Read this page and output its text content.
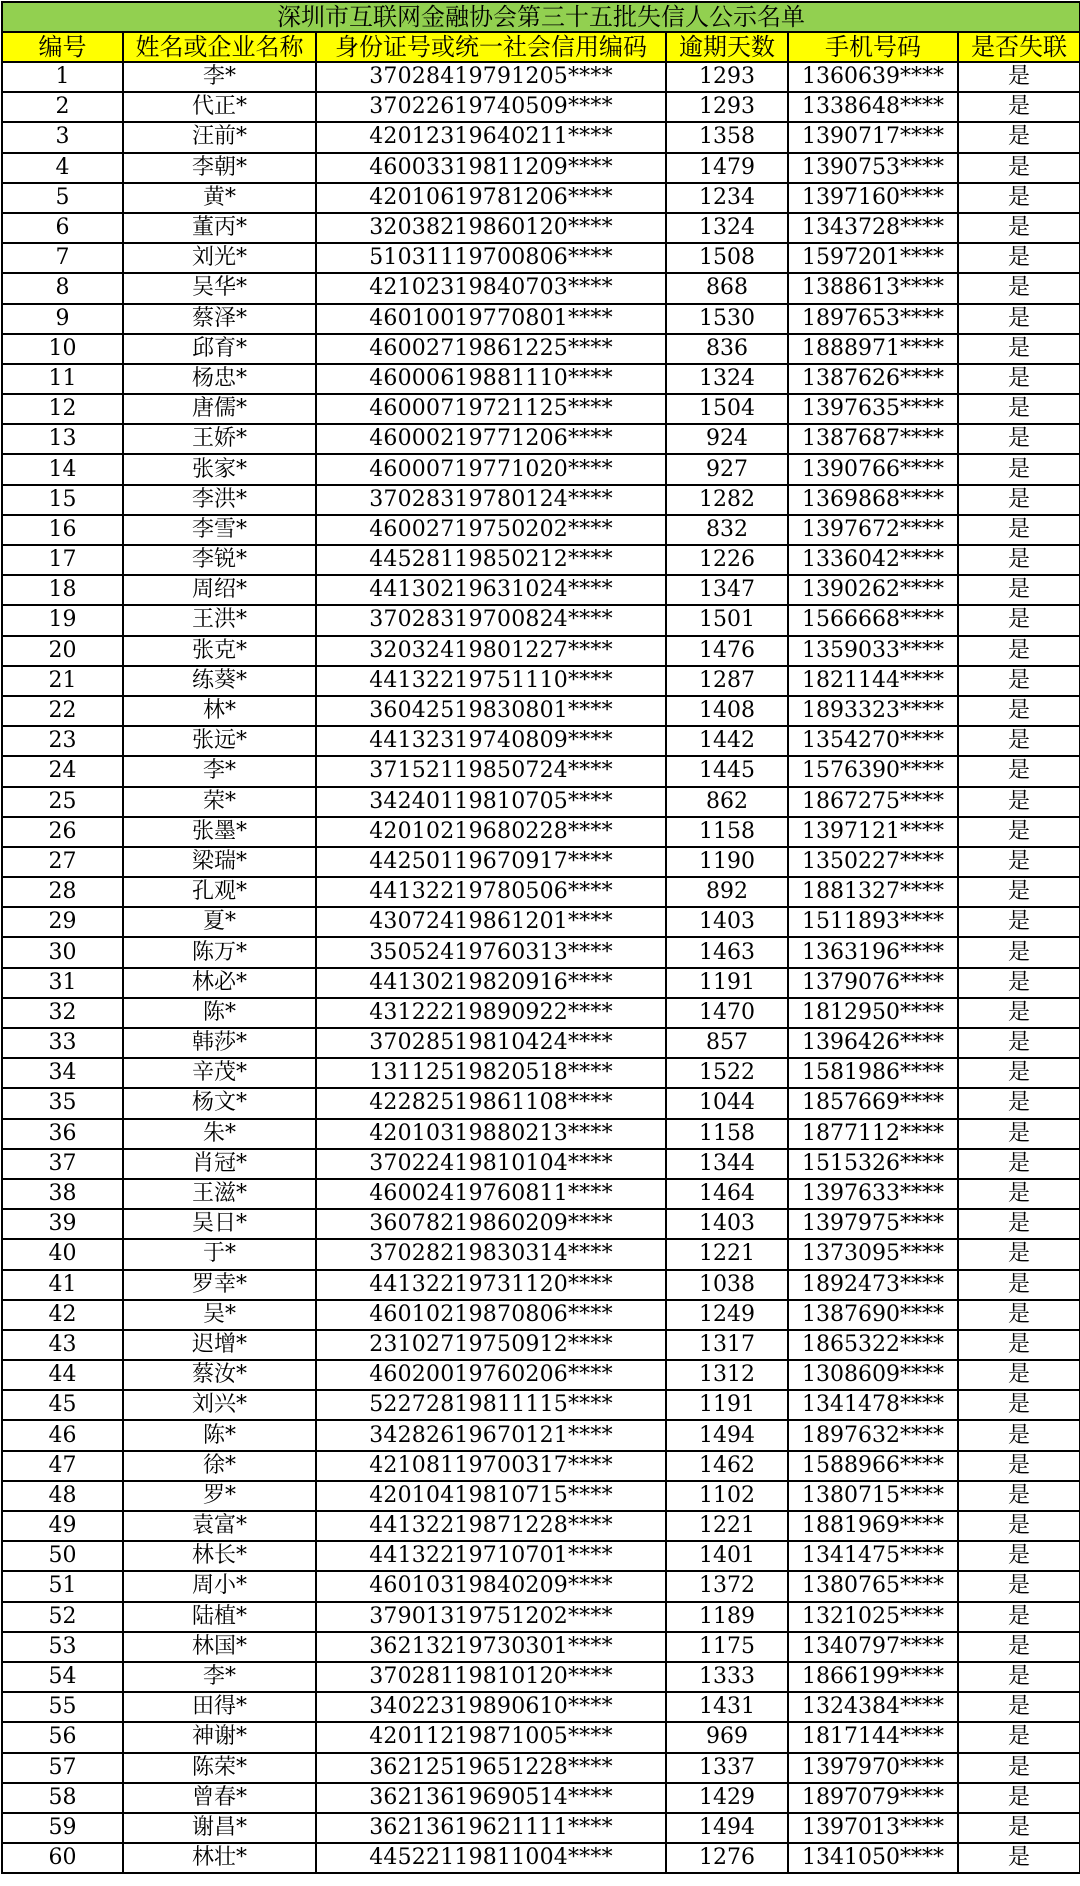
深圳市互联网金融协会第三十五批失信人公示名单					
编号	姓名或企业名称	身份证号或统一社会信用编码	逾期天数	手机号码	是否失联
1	李*	37028419791205****	1293	1360639****	是
2	代正*	37022619740509****	1293	1338648****	是
3	汪前*	42012319640211****	1358	1390717****	是
4	李朝*	46003319811209****	1479	1390753****	是
5	黄*	42010619781206****	1234	1397160****	是
6	董丙*	32038219860120****	1324	1343728****	是
7	刘光*	51031119700806****	1508	1597201****	是
8	吴华*	42102319840703****	868	1388613****	是
9	蔡泽*	46010019770801****	1530	1897653****	是
10	邱育*	46002719861225****	836	1888971****	是
11	杨忠*	46000619881110****	1324	1387626****	是
12	唐儒*	46000719721125****	1504	1397635****	是
13	王娇*	46000219771206****	924	1387687****	是
14	张家*	46000719771020****	927	1390766****	是
15	李洪*	37028319780124****	1282	1369868****	是
16	李雪*	46002719750202****	832	1397672****	是
17	李锐*	44528119850212****	1226	1336042****	是
18	周绍*	44130219631024****	1347	1390262****	是
19	王洪*	37028319700824****	1501	1566668****	是
20	张克*	32032419801227****	1476	1359033****	是
21	练葵*	44132219751110****	1287	1821144****	是
22	林*	36042519830801****	1408	1893323****	是
23	张远*	44132319740809****	1442	1354270****	是
24	李*	37152119850724****	1445	1576390****	是
25	荣*	34240119810705****	862	1867275****	是
26	张墨*	42010219680228****	1158	1397121****	是
27	梁瑞*	44250119670917****	1190	1350227****	是
28	孔观*	44132219780506****	892	1881327****	是
29	夏*	43072419861201****	1403	1511893****	是
30	陈万*	35052419760313****	1463	1363196****	是
31	林必*	44130219820916****	1191	1379076****	是
32	陈*	43122219890922****	1470	1812950****	是
33	韩莎*	37028519810424****	857	1396426****	是
34	辛茂*	13112519820518****	1522	1581986****	是
35	杨文*	42282519861108****	1044	1857669****	是
36	朱*	42010319880213****	1158	1877112****	是
37	肖冠*	37022419810104****	1344	1515326****	是
38	王滋*	46002419760811****	1464	1397633****	是
39	吴日*	36078219860209****	1403	1397975****	是
40	于*	37028219830314****	1221	1373095****	是
41	罗幸*	44132219731120****	1038	1892473****	是
42	吴*	46010219870806****	1249	1387690****	是
43	迟增*	23102719750912****	1317	1865322****	是
44	蔡汝*	46020019760206****	1312	1308609****	是
45	刘兴*	52272819811115****	1191	1341478****	是
46	陈*	34282619670121****	1494	1897632****	是
47	徐*	42108119700317****	1462	1588966****	是
48	罗*	42010419810715****	1102	1380715****	是
49	袁富*	44132219871228****	1221	1881969****	是
50	林长*	44132219710701****	1401	1341475****	是
51	周小*	46010319840209****	1372	1380765****	是
52	陆植*	37901319751202****	1189	1321025****	是
53	林国*	36213219730301****	1175	1340797****	是
54	李*	37028119810120****	1333	1866199****	是
55	田得*	34022319890610****	1431	1324384****	是
56	神谢*	42011219871005****	969	1817144****	是
57	陈荣*	36212519651228****	1337	1397970****	是
58	曾春*	36213619690514****	1429	1897079****	是
59	谢昌*	36213619621111****	1494	1397013****	是
60	林壮*	44522119811004****	1276	1341050****	是
